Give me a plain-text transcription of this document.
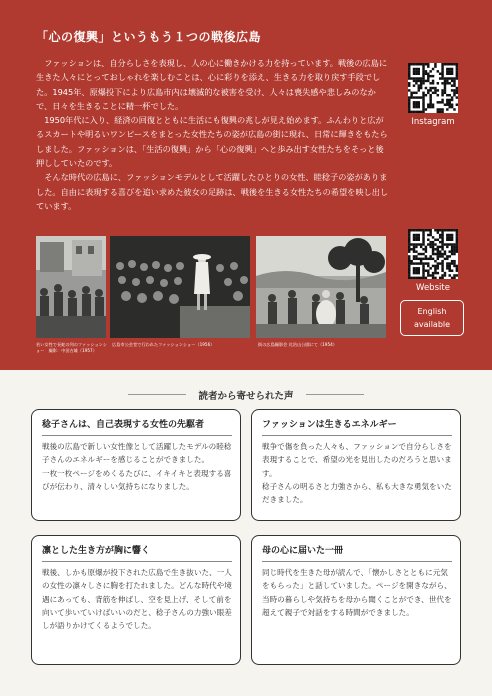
「心の復興」というもう１つの戦後広島

ファッションは、自分らしさを表現し、人の心に働きかける力を持っています。戦後の広島に生きた人々にとっておしゃれを楽しむことは、心に彩りを添え、生きる力を取り戻す手段でした。1945年、原爆投下により広島市内は壊滅的な被害を受け、人々は喪失感や悲しみのなかで、日々を生きることに精一杯でした。

1950年代に入り、経済の回復とともに生活にも復興の兆しが見え始めます。ふんわりと広がるスカートや明るいワンピースをまとった女性たちの姿が広島の街に現れ、日常に輝きをもたらしました。ファッションは、「生活の復興」から「心の復興」へと歩み出す女性たちをそっと後押ししていたのです。

そんな時代の広島に、ファッションモデルとして活躍したひとりの女性、睦稔子の姿がありました。自由に表現する喜びを追い求めた彼女の足跡は、戦後を生きる女性たちの希望を映し出しています。

Instagram
Website
English
available
若い女性で長蛇の列のファッションショー　撮影：中田吉雄（1957）
広島市公会堂で行われたファッションショー（1956）	街の広島撮影会 比治山公園にて（1954）
読者から寄せられた声
稔子さんは、自己表現する女性の先駆者

戦後の広島で新しい女性像として活躍したモデルの睦稔子さんのエネルギーを感じることができました。

一枚一枚ページをめくるたびに、イキイキと表現する喜びが伝わり、清々しい気持ちになりました。

ファッションは生きるエネルギー

戦争で傷を負った人々も、ファッションで自分らしさを表現することで、希望の光を見出したのだろうと思います。

稔子さんの明るさと力強さから、私も大きな勇気をいただきました。

凛とした生き方が胸に響く

戦後、しかも原爆が投下された広島で生き抜いた、一人の女性の凛々しさに胸を打たれました。どんな時代や境遇にあっても、背筋を伸ばし、空を見上げ、そして前を向いて歩いていけばいいのだと、稔子さんの力強い眼差しが語りかけてくるようでした。

母の心に届いた一冊

同じ時代を生きた母が読んで、「懐かしさとともに元気をもらった」と話していました。ページを開きながら、当時の暮らしや気持ちを母から聞くことができ、世代を超えて親子で対話をする時間ができました。
